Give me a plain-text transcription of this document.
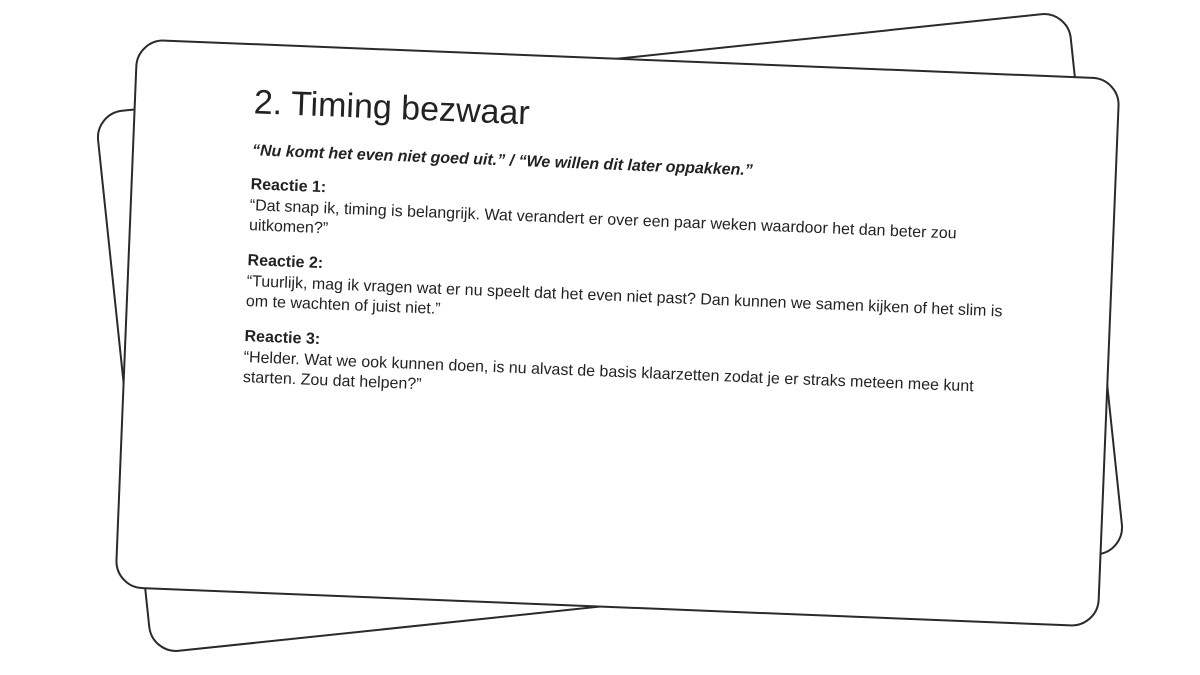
2. Timing bezwaar

“Nu komt het even niet goed uit.” / “We willen dit later oppakken.”

Reactie 1:

“Dat snap ik, timing is belangrijk. Wat verandert er over een paar weken waardoor het dan beter zou uitkomen?”

Reactie 2:

“Tuurlijk, mag ik vragen wat er nu speelt dat het even niet past? Dan kunnen we samen kijken of het slim is om te wachten of juist niet.”

Reactie 3:

“Helder. Wat we ook kunnen doen, is nu alvast de basis klaarzetten zodat je er straks meteen mee kunt starten. Zou dat helpen?”
